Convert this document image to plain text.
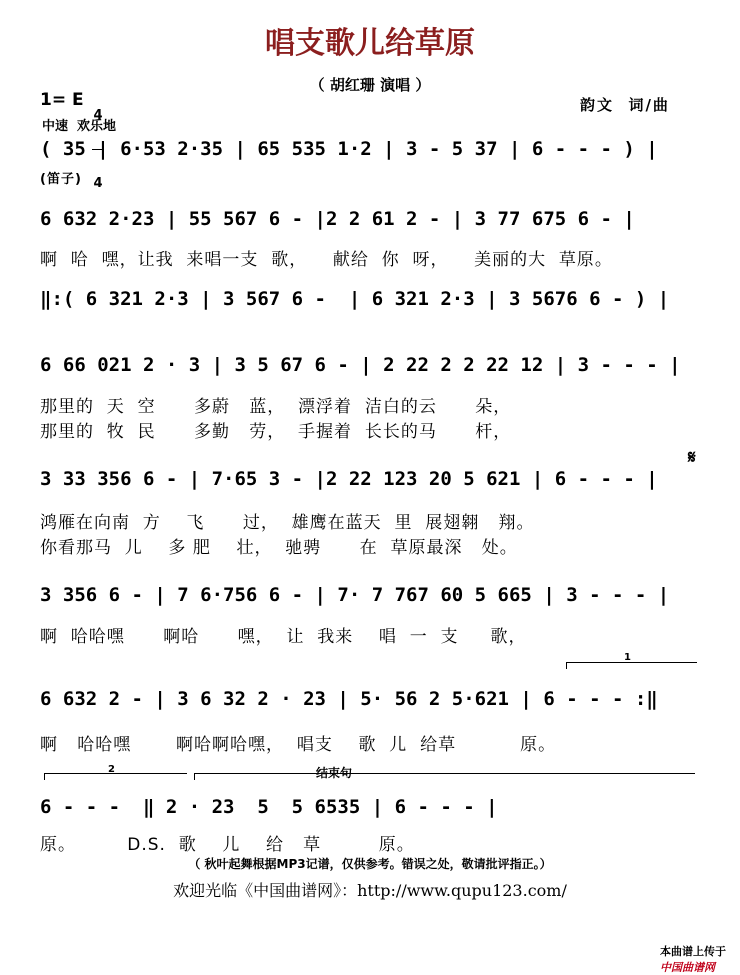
唱支歌儿给草原
（ 胡红珊 演唱 ）
1= E

4

4

韵文  词/曲
中速  欢乐地
( 35 | 6·53 2·35 | 65 535 1·2 | 3 - 5 37 | 6 - - - ) |
(笛子)
6 632 2·23 | 55 567 6 - |2 2 61 2 - | 3 77 675 6 - |
啊  哈  嘿，让我  来唱一支  歌，    献给  你  呀，    美丽的大  草原。
‖:( 6 321 2·3 | 3 567 6 -  | 6 321 2·3 | 3 5676 6 - ) |
6 66 021 2 · 3 | 3 5 67 6 - | 2 22 2 2 22 12 | 3 - - - |
那里的  天  空      多蔚   蓝，  漂浮着  洁白的云      朵，
那里的  牧  民      多勤   劳，  手握着  长长的马      杆，
3 33 356 6 - | 7·65 3 - |2 22 123 20 5 621 | 6 - - - |
𝄋
鸿雁在向南  方    飞      过，  雄鹰在蓝天  里  展翅翱   翔。
你看那马  儿    多 肥    壮，  驰骋      在  草原最深   处。
3 356 6 - | 7 6·756 6 - | 7· 7 767 60 5 665 | 3 - - - |
啊  哈哈嘿      啊哈      嘿，  让  我来    唱  一  支     歌，
1
6 632 2 - | 3 6 32 2 · 23 | 5· 56 2 5·621 | 6 - - - :‖
啊   哈哈嘿       啊哈啊哈嘿，  唱支    歌  儿  给草          原。
2	结束句
6 - - -  ‖ 2 · 23  5  5 6535 | 6 - - - |
原。        D.S.  歌    儿    给   草         原。
（ 秋叶起舞根据MP3记谱，仅供参考。错误之处，敬请批评指正。）
欢迎光临《中国曲谱网》：http://www.qupu123.com/

本曲谱上传于
中国曲谱网
